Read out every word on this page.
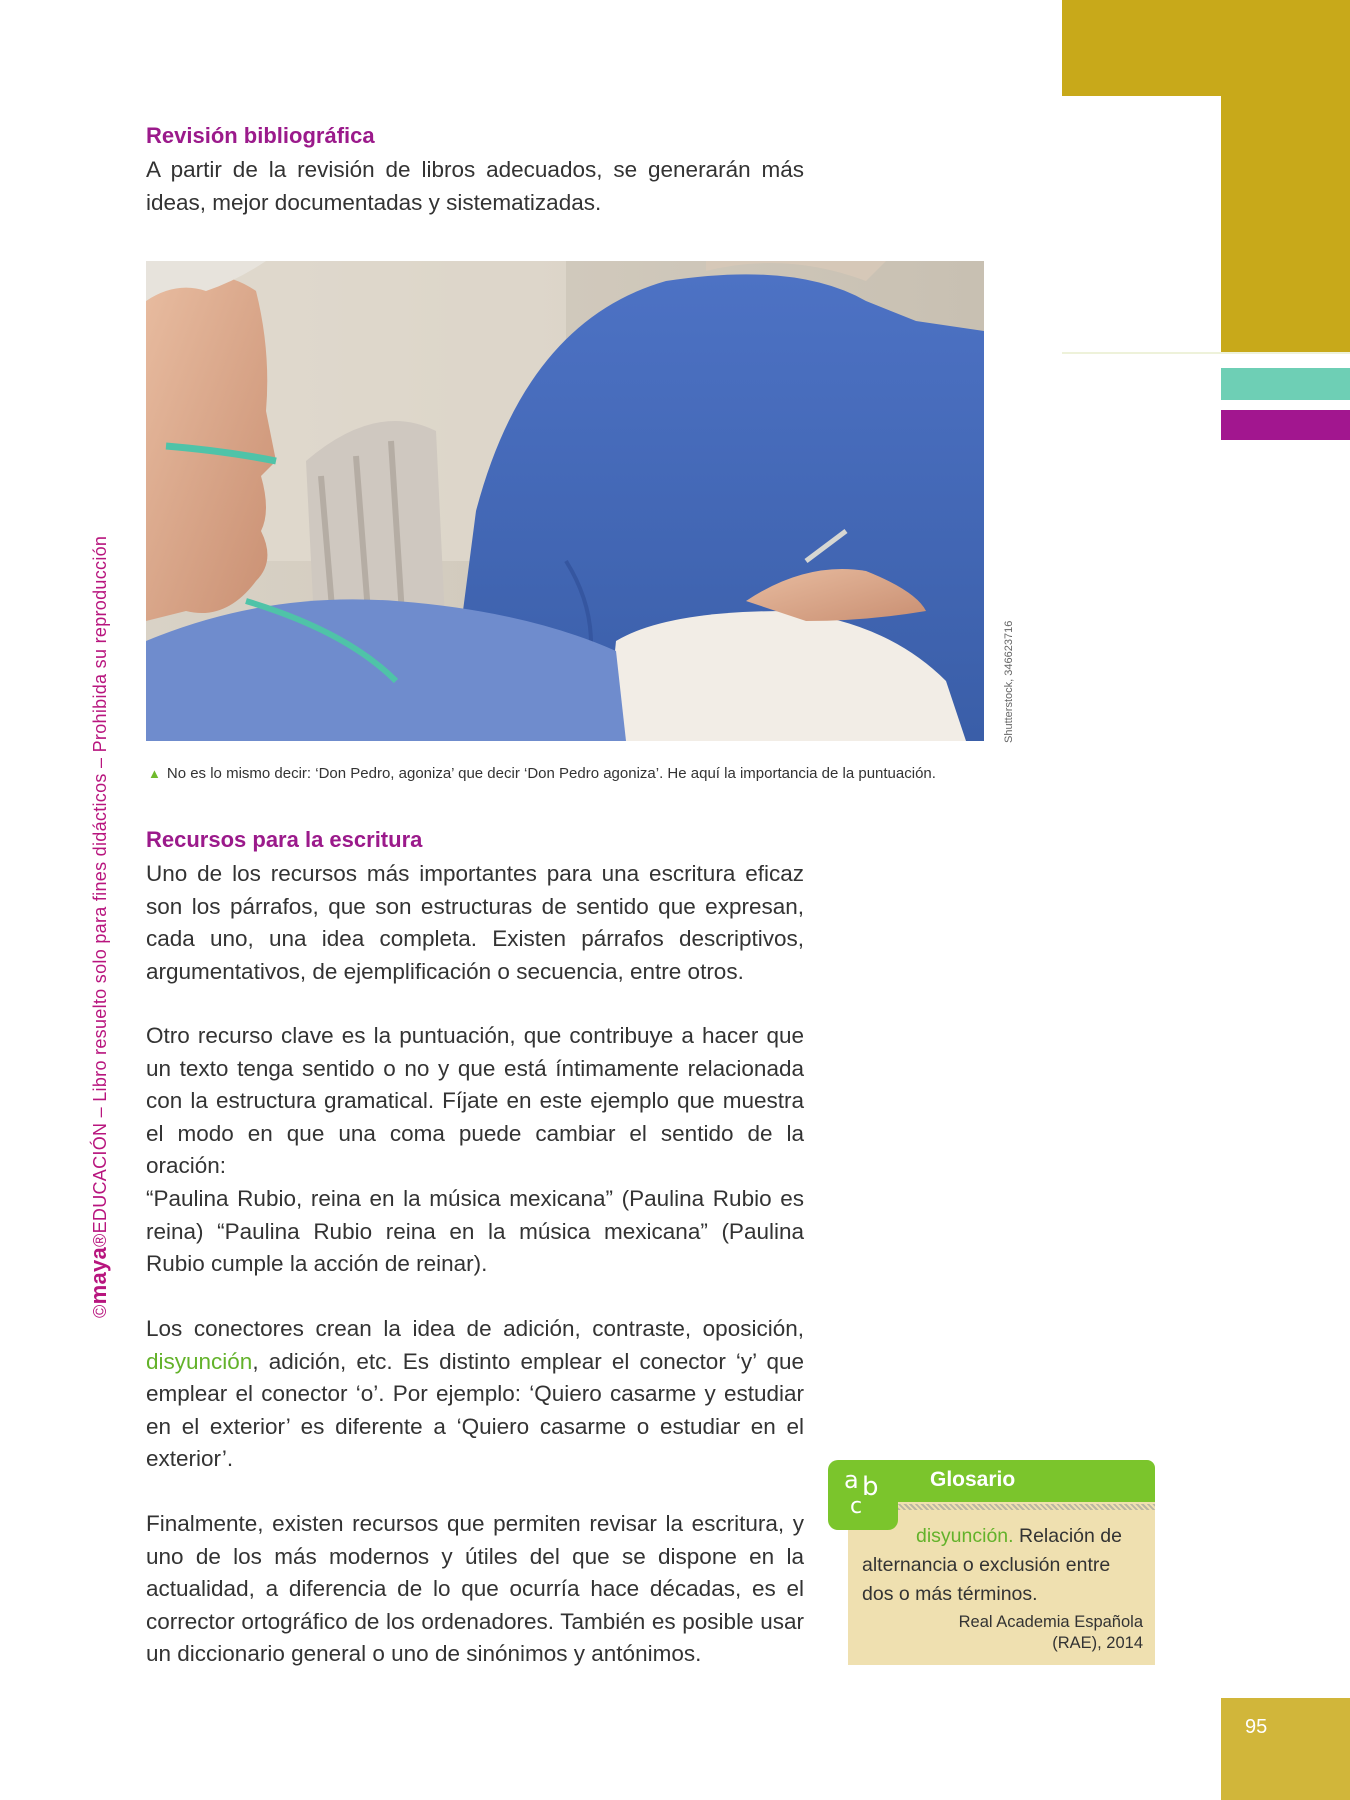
©maya®EDUCACIÓN – Libro resuelto solo para fines didácticos – Prohibida su reproducción
Revisión bibliográfica

A partir de la revisión de libros adecuados, se generarán más ideas, mejor documentadas y sistematizadas.

Shutterstock, 346623716
▲ No es lo mismo decir: ‘Don Pedro, agoniza’ que decir ‘Don Pedro agoniza’. He aquí la importancia de la puntuación.
Recursos para la escritura

Uno de los recursos más importantes para una escritura eficaz son los párrafos, que son estructuras de sentido que expresan, cada uno, una idea completa. Existen párrafos descriptivos, argumentativos, de ejemplificación o secuencia, entre otros.

Otro recurso clave es la puntuación, que contribuye a hacer que un texto tenga sentido o no y que está íntimamente relacionada con la estructura gramatical. Fíjate en este ejemplo que muestra el modo en que una coma puede cambiar el sentido de la oración:

“Paulina Rubio, reina en la música mexicana” (Paulina Rubio es reina) “Paulina Rubio reina en la música mexicana” (Paulina Rubio cumple la acción de reinar).

Los conectores crean la idea de adición, contraste, oposición, disyunción, adición, etc. Es distinto emplear el conector ‘y’ que emplear el conector ‘o’. Por ejemplo: ‘Quiero casarme y estudiar en el exterior’ es diferente a ‘Quiero casarme o estudiar en el exterior’.

Finalmente, existen recursos que permiten revisar la escritura, y uno de los más modernos y útiles del que se dispone en la actualidad, a diferencia de lo que ocurría hace décadas, es el corrector ortográfico de los ordenadores. También es posible usar un diccionario general o uno de sinónimos y antónimos.

Glosario
a b
c

disyunción. Relación de alternancia o exclusión entre dos o más términos.

Real Academia Española
(RAE), 2014
95
